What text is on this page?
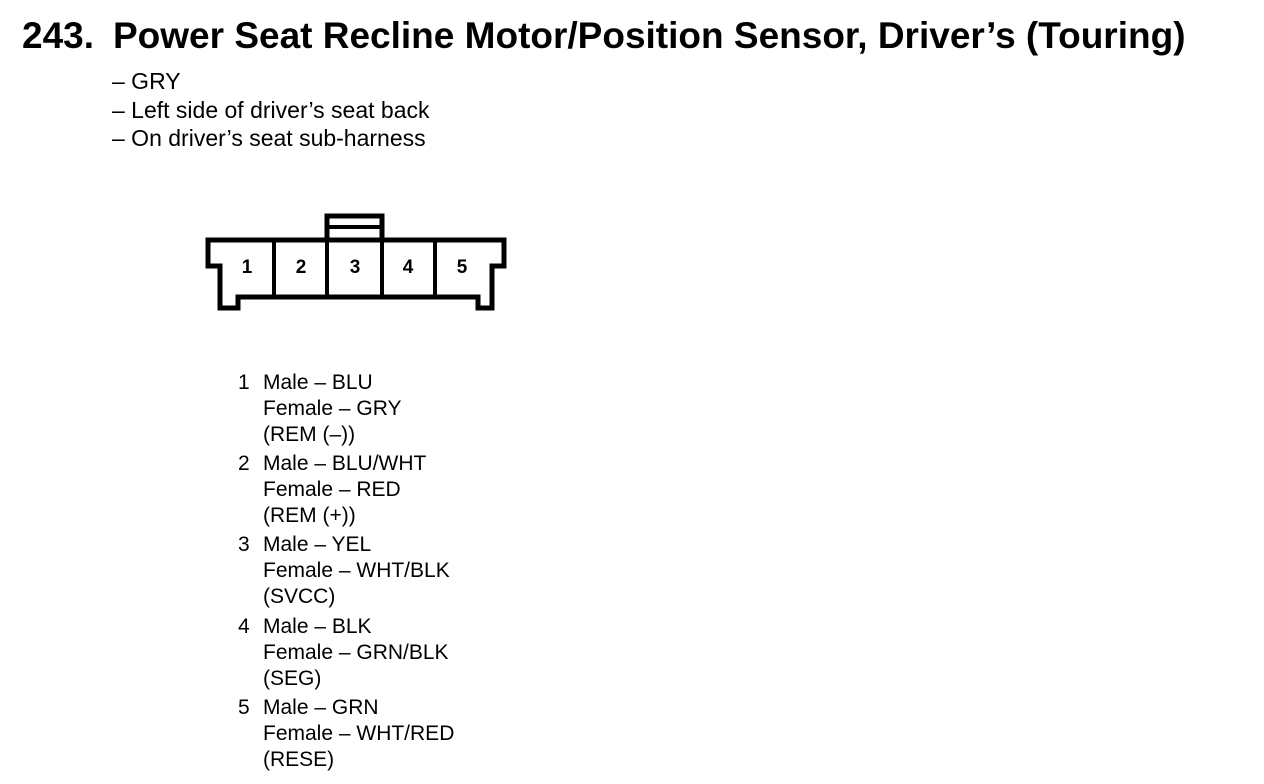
243. Power Seat Recline Motor/Position Sensor, Driver’s (Touring)
– GRY
– Left side of driver’s seat back
– On driver’s seat sub-harness
1 2 3 4 5
1 Male – BLU
Female – GRY
(REM (–))
2 Male – BLU/WHT
Female – RED
(REM (+))
3 Male – YEL
Female – WHT/BLK
(SVCC)
4 Male – BLK
Female – GRN/BLK
(SEG)
5 Male – GRN
Female – WHT/RED
(RESE)
